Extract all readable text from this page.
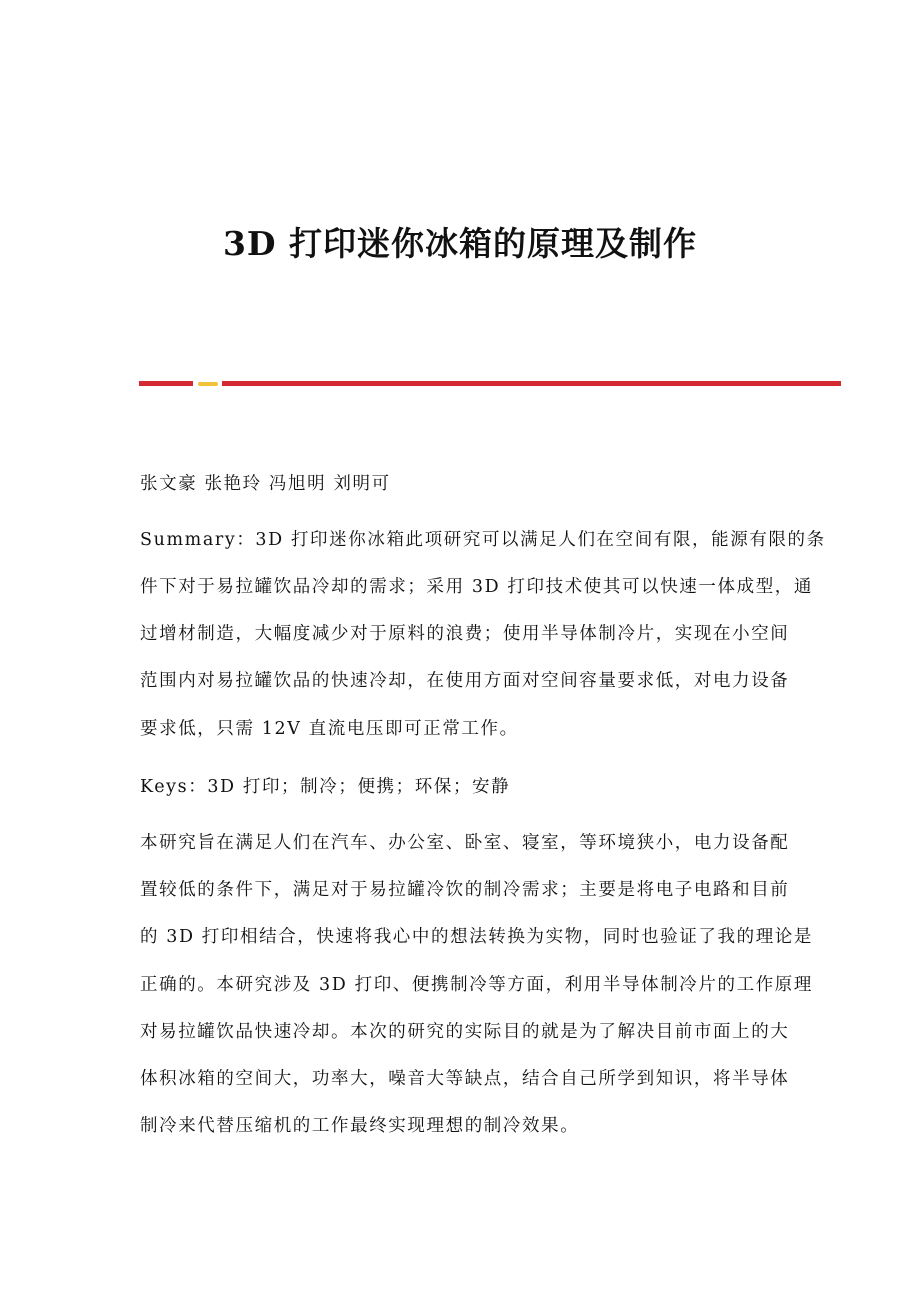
3D 打印迷你冰箱的原理及制作
张文豪 张艳玲 冯旭明 刘明可
Summary：3D 打印迷你冰箱此项研究可以满足人们在空间有限，能源有限的条
件下对于易拉罐饮品冷却的需求；采用 3D 打印技术使其可以快速一体成型，通
过增材制造，大幅度减少对于原料的浪费；使用半导体制冷片，实现在小空间
范围内对易拉罐饮品的快速冷却，在使用方面对空间容量要求低，对电力设备
要求低，只需 12V 直流电压即可正常工作。
Keys：3D 打印；制冷；便携；环保；安静
本研究旨在满足人们在汽车、办公室、卧室、寝室，等环境狭小，电力设备配
置较低的条件下，满足对于易拉罐冷饮的制冷需求；主要是将电子电路和目前
的 3D 打印相结合，快速将我心中的想法转换为实物，同时也验证了我的理论是
正确的。本研究涉及 3D 打印、便携制冷等方面，利用半导体制冷片的工作原理
对易拉罐饮品快速冷却。本次的研究的实际目的就是为了解决目前市面上的大
体积冰箱的空间大，功率大，噪音大等缺点，结合自己所学到知识，将半导体
制冷来代替压缩机的工作最终实现理想的制冷效果。
